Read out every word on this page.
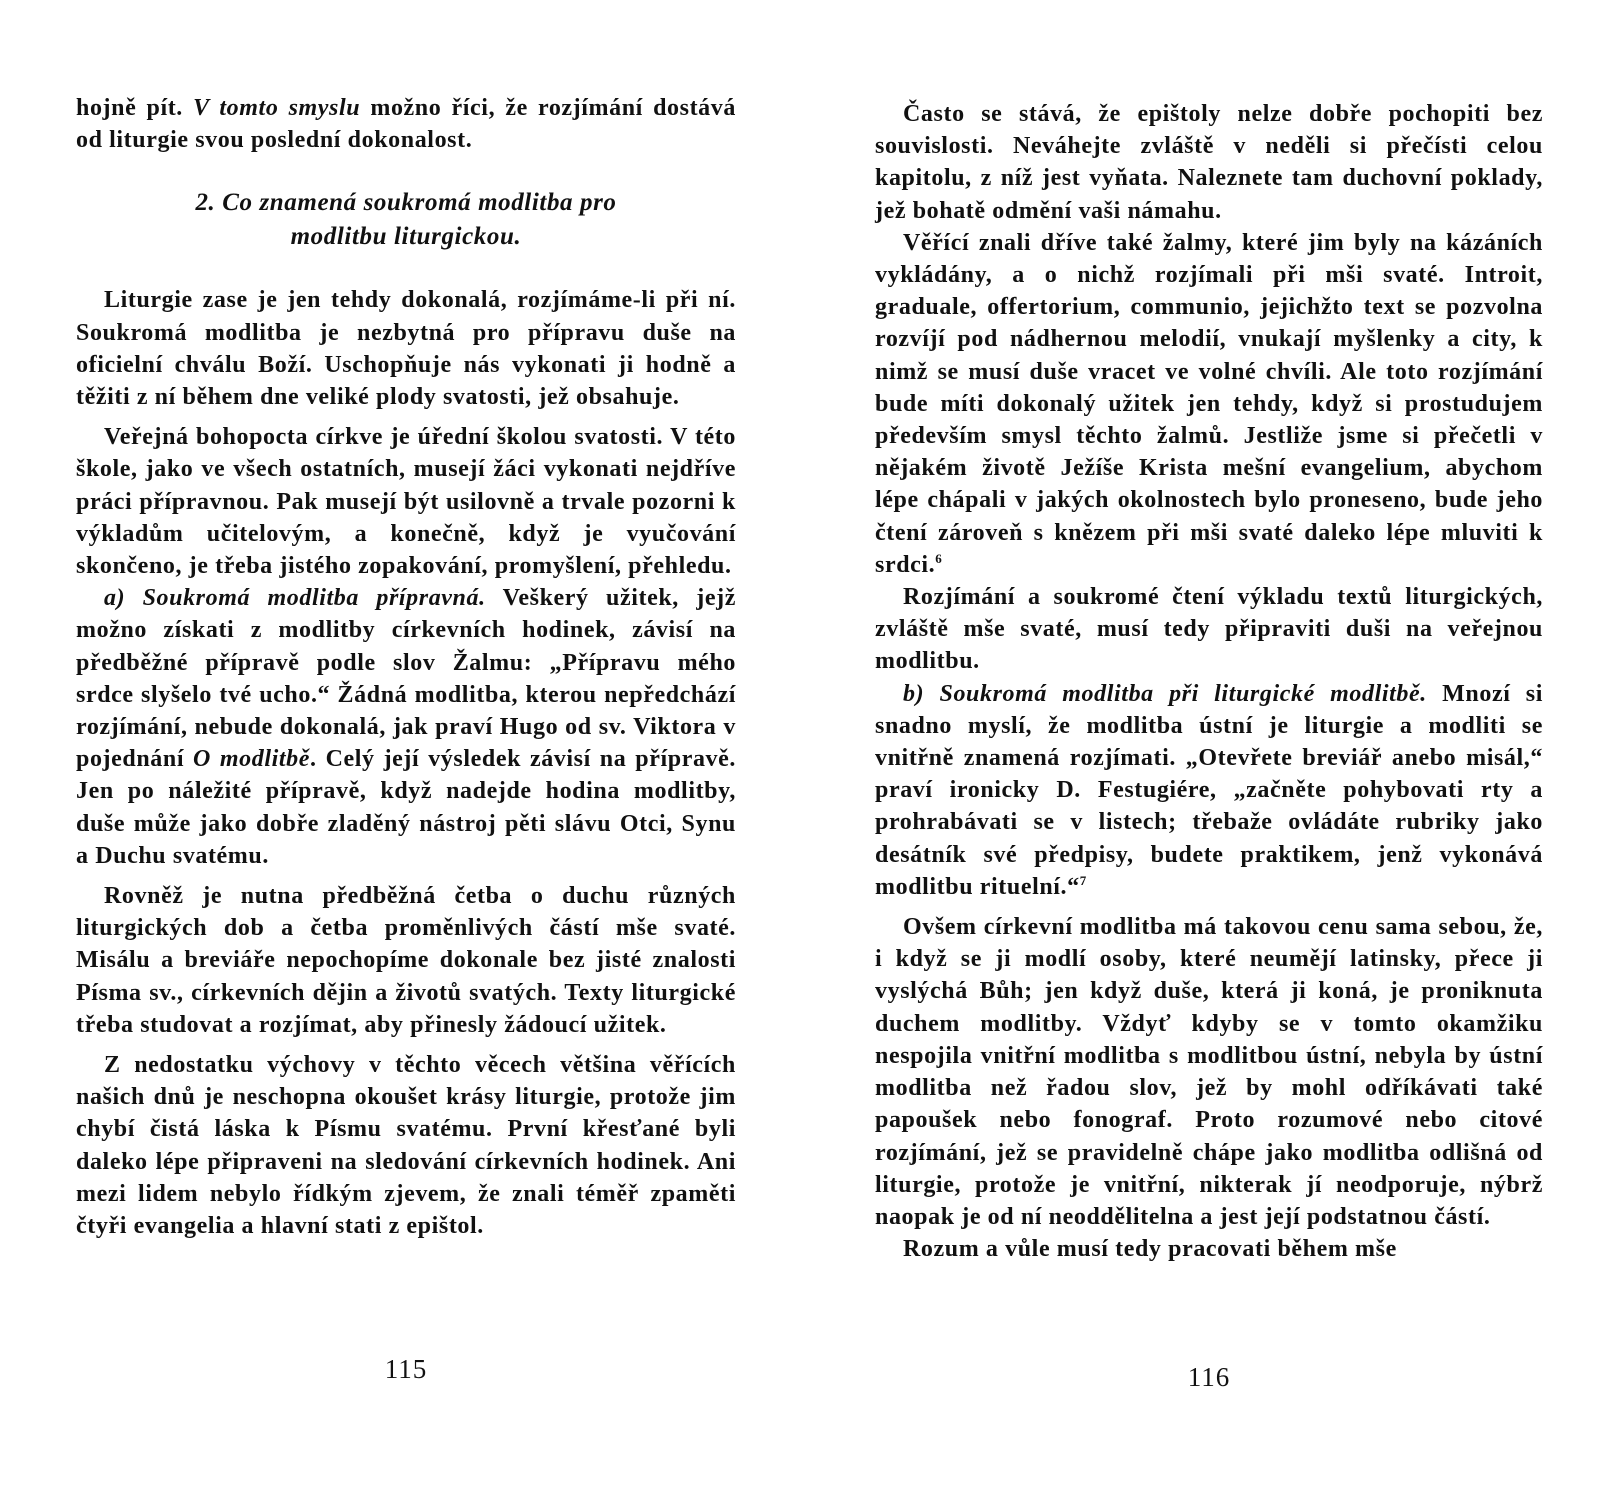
hojně pít. V tomto smyslu možno říci, že rozjímání dostává od liturgie svou poslední dokonalost.

2. Co znamená soukromá modlitba pro
modlitbu liturgickou.

Liturgie zase je jen tehdy dokonalá, rozjímáme-li při ní. Soukromá modlitba je nezbytná pro přípravu duše na oficielní chválu Boží. Uschopňuje nás vykonati ji hodně a těžiti z ní během dne veliké plody svatosti, jež obsahuje.

Veřejná bohopocta církve je úřední školou svatosti. V této škole, jako ve všech ostatních, musejí žáci vykonati nejdříve práci přípravnou. Pak musejí být usilovně a trvale pozorni k výkladům učitelovým, a konečně, když je vyučování skončeno, je třeba jistého zopakování, promyšlení, přehledu.

a) Soukromá modlitba přípravná. Veškerý užitek, jejž možno získati z modlitby církevních hodinek, závisí na předběžné přípravě podle slov Žalmu: „Přípravu mého srdce slyšelo tvé ucho.“ Žádná modlitba, kterou nepředchází rozjímání, nebude dokonalá, jak praví Hugo od sv. Viktora v pojednání O modlitbě. Celý její výsledek závisí na přípravě. Jen po náležité přípravě, když nadejde hodina modlitby, duše může jako dobře zladěný nástroj pěti slávu Otci, Synu a Duchu svatému.

Rovněž je nutna předběžná četba o duchu různých liturgických dob a četba proměnlivých částí mše svaté. Misálu a breviáře nepochopíme dokonale bez jisté znalosti Písma sv., církevních dějin a životů svatých. Texty liturgické třeba studovat a rozjímat, aby přinesly žádoucí užitek.

Z nedostatku výchovy v těchto věcech většina věřících našich dnů je neschopna okoušet krásy liturgie, protože jim chybí čistá láska k Písmu svatému. První křesťané byli daleko lépe připraveni na sledování církevních hodinek. Ani mezi lidem nebylo řídkým zjevem, že znali téměř zpaměti čtyři evangelia a hlavní stati z epištol.

115

Často se stává, že epištoly nelze dobře pochopiti bez souvislosti. Neváhejte zvláště v neděli si přečísti celou kapitolu, z níž jest vyňata. Naleznete tam duchovní poklady, jež bohatě odmění vaši námahu.

Věřící znali dříve také žalmy, které jim byly na kázáních vykládány, a o nichž rozjímali při mši svaté. Introit, graduale, offertorium, communio, jejichžto text se pozvolna rozvíjí pod nádhernou melodií, vnukají myšlenky a city, k nimž se musí duše vracet ve volné chvíli. Ale toto rozjímání bude míti dokonalý užitek jen tehdy, když si prostudujem především smysl těchto žalmů. Jestliže jsme si přečetli v nějakém životě Ježíše Krista mešní evangelium, abychom lépe chápali v jakých okolnostech bylo proneseno, bude jeho čtení zároveň s knězem při mši svaté daleko lépe mluviti k srdci.$^6$

Rozjímání a soukromé čtení výkladu textů liturgických, zvláště mše svaté, musí tedy připraviti duši na veřejnou modlitbu.

b) Soukromá modlitba při liturgické modlitbě. Mnozí si snadno myslí, že modlitba ústní je liturgie a modliti se vnitřně znamená rozjímati. „Otevřete breviář anebo misál,“ praví ironicky D. Festugiére, „začněte pohybovati rty a prohrabávati se v listech; třebaže ovládáte rubriky jako desátník své předpisy, budete praktikem, jenž vykonává modlitbu rituelní.“$^7$

Ovšem církevní modlitba má takovou cenu sama sebou, že, i když se ji modlí osoby, které neumějí latinsky, přece ji vyslýchá Bůh; jen když duše, která ji koná, je proniknuta duchem modlitby. Vždyť kdyby se v tomto okamžiku nespojila vnitřní modlitba s modlitbou ústní, nebyla by ústní modlitba než řadou slov, jež by mohl odříkávati také papoušek nebo fonograf. Proto rozumové nebo citové rozjímání, jež se pravidelně chápe jako modlitba odlišná od liturgie, protože je vnitřní, nikterak jí neodporuje, nýbrž naopak je od ní neoddělitelna a jest její podstatnou částí.

Rozum a vůle musí tedy pracovati během mše

116
